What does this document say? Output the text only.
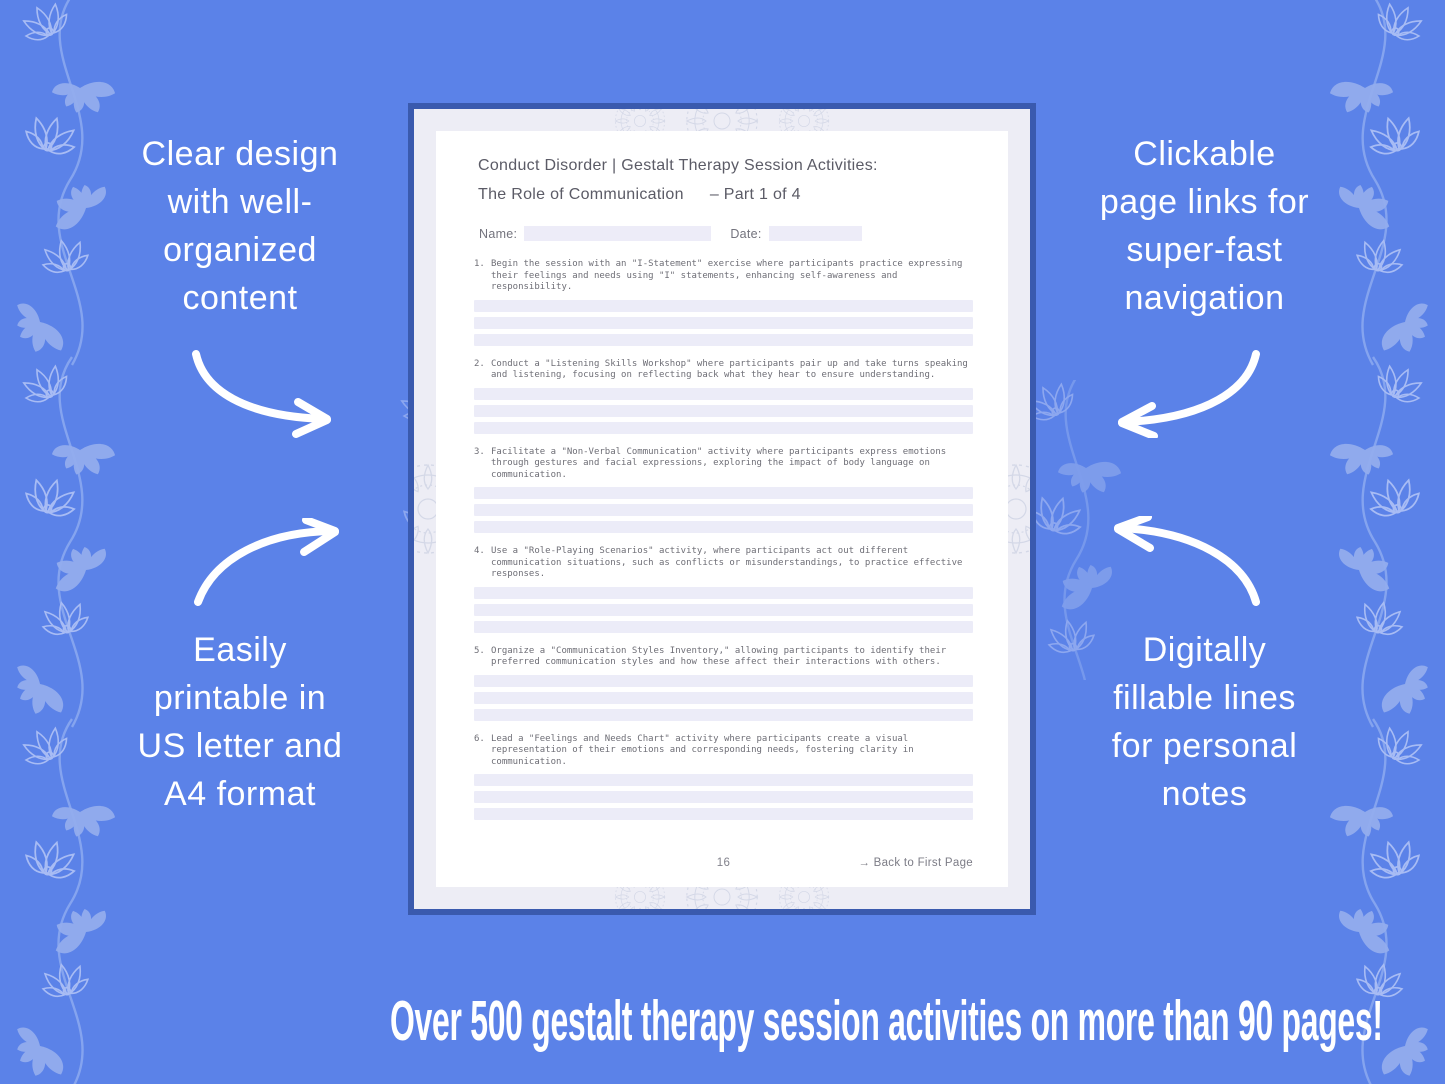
Conduct Disorder | Gestalt Therapy Session Activities:
The Role of Communication – Part 1 of 4
Name:	Date:
1. Begin the session with an "I-Statement" exercise where participants practice expressing their feelings and needs using "I" statements, enhancing self-awareness and responsibility.
2. Conduct a "Listening Skills Workshop" where participants pair up and take turns speaking and listening, focusing on reflecting back what they hear to ensure understanding.
3. Facilitate a "Non-Verbal Communication" activity where participants express emotions through gestures and facial expressions, exploring the impact of body language on communication.
4. Use a "Role-Playing Scenarios" activity, where participants act out different communication situations, such as conflicts or misunderstandings, to practice effective responses.
5. Organize a "Communication Styles Inventory," allowing participants to identify their preferred communication styles and how these affect their interactions with others.
6. Lead a "Feelings and Needs Chart" activity where participants create a visual representation of their emotions and corresponding needs, fostering clarity in communication.
16	→ Back to First Page
Clear design
with well-
organized
content
Easily
printable in
US letter and
A4 format
Clickable
page links for
super-fast
navigation
Digitally
fillable lines
for personal
notes
Over 500 gestalt therapy session activities on more than 90 pages!
